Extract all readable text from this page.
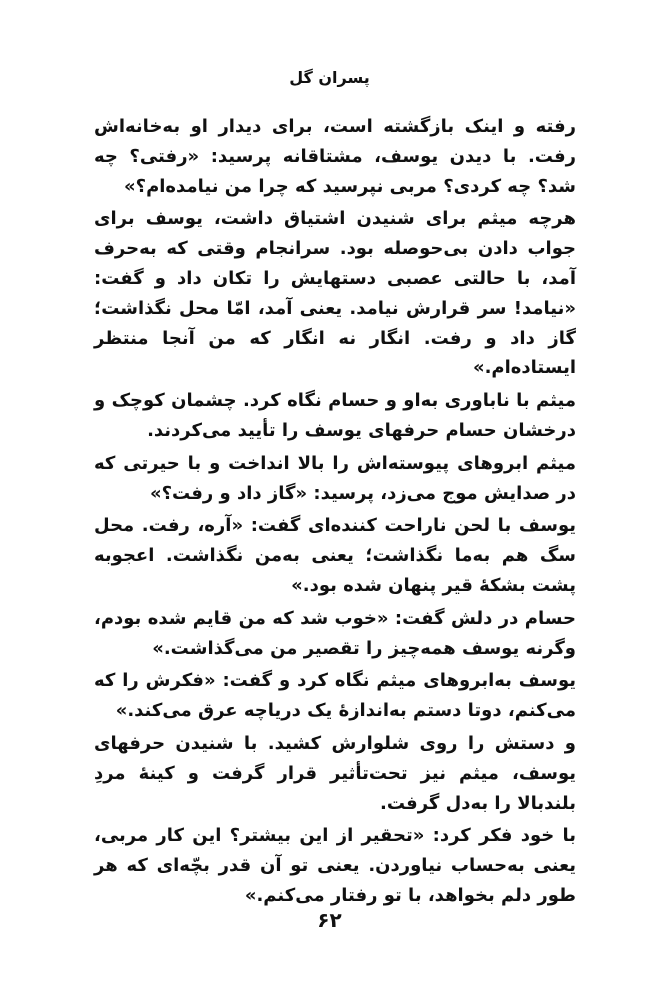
پسران گل

رفته و اینک بازگشته است، برای دیدار او به‌خانه‌اش رفت. با دیدن یوسف، مشتاقانه پرسید: «رفتی؟ چه شد؟ چه کردی؟ مربی نپرسید که چرا من نیامده‌ام؟»

هرچه میثم برای شنیدن اشتیاق داشت، یوسف برای جواب دادن بی‌حوصله بود. سرانجام وقتی که به‌حرف آمد، با حالتی عصبی دستهایش را تکان داد و گفت: «نیامد! سر قرارش نیامد. یعنی آمد، امّا محل نگذاشت؛ گاز داد و رفت. انگار نه انگار که من آنجا منتظر ایستاده‌ام.»

میثم با ناباوری به‌او و حسام نگاه کرد. چشمان کوچک و درخشان حسام حرفهای یوسف را تأیید می‌کردند.

میثم ابروهای پیوسته‌اش را بالا انداخت و با حیرتی که در صدایش موج می‌زد، پرسید: «گاز داد و رفت؟»

یوسف با لحن ناراحت کننده‌ای گفت: «آره، رفت. محل سگ هم به‌ما نگذاشت؛ یعنی به‌من نگذاشت. اعجوبه پشت بشکهٔ قیر پنهان شده بود.»

حسام در دلش گفت: «خوب شد که من قایم شده بودم، وگرنه یوسف همه‌چیز را تقصیر من می‌گذاشت.»

یوسف به‌ابروهای میثم نگاه کرد و گفت: «فکرش را که می‌کنم، دوتا دستم به‌اندازهٔ یک دریاچه عرق می‌کند.»

و دستش را روی شلوارش کشید. با شنیدن حرفهای یوسف، میثم نیز تحت‌تأثیر قرار گرفت و کینهٔ مردِ بلندبالا را به‌دل گرفت.

با خود فکر کرد: «تحقیر از این بیشتر؟ این کار مربی، یعنی به‌حساب نیاوردن. یعنی تو آن قدر بچّه‌ای که هر طور دلم بخواهد، با تو رفتار می‌کنم.»

۶۲
